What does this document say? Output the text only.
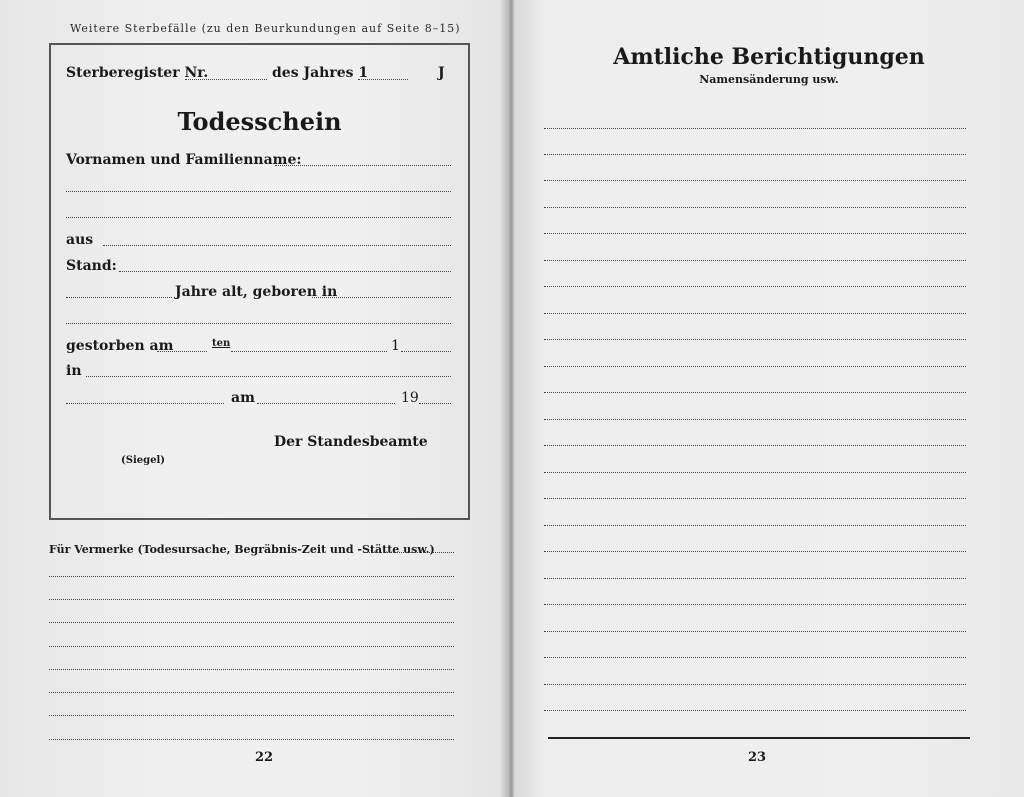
Weitere Sterbefälle (zu den Beurkundungen auf Seite 8–15)
Sterberegister Nr.	des Jahres 1	J
Todesschein
Vornamen und Familienname:
aus
Stand:
Jahre alt, geboren in
gestorben am	ten	1
in
am	19
Der Standesbeamte
(Siegel)
Für Vermerke (Todesursache, Begräbnis-Zeit und -Stätte usw.)
22
Amtliche Berichtigungen
Namensänderung usw.
23
